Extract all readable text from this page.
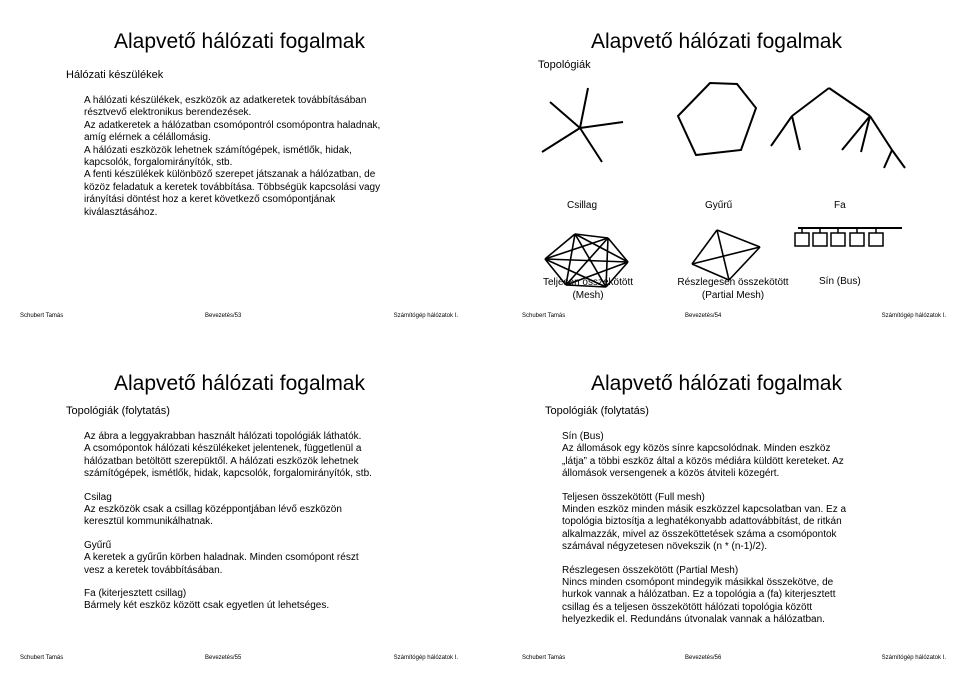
Alapvető hálózati fogalmak
Hálózati készülékek

A hálózati készülékek, eszközök az adatkeretek továbbításában

résztvevő elektronikus berendezések.

Az adatkeretek a hálózatban csomópontról csomópontra haladnak,

amíg elérnek a célállomásig.

A hálózati eszközök lehetnek számítógépek, ismétlők, hidak,

kapcsolók, forgalomirányítók, stb.

A fenti készülékek különböző szerepet játszanak a hálózatban, de

közöz feladatuk a keretek továbbítása. Többségük kapcsolási vagy

irányítási döntést hoz a keret következő csomópontjának

kiválasztásához.

Schubert Tamás	Bevezetés/53	Számítógép hálózatok I.
Alapvető hálózati fogalmak
Topológiák
Csillag	Gyűrű	Fa
Teljesen összekötött
(Mesh)
Részlegesen összekötött
(Partial Mesh)
Sín (Bus)
Schubert Tamás	Bevezetés/54	Számítógép hálózatok I.
Alapvető hálózati fogalmak
Topológiák (folytatás)

Az ábra a leggyakrabban használt hálózati topológiák láthatók.

A csomópontok hálózati készülékeket jelentenek, függetlenül a

hálózatban betöltött szerepüktől. A hálózati eszközök lehetnek

számítógépek, ismétlők, hidak, kapcsolók, forgalomirányítók, stb.

Csilag

Az eszközök csak a csillag középpontjában lévő eszközön

keresztül kommunikálhatnak.

Gyűrű

A keretek a gyűrűn körben haladnak. Minden csomópont részt

vesz a keretek továbbításában.

Fa (kiterjesztett csillag)

Bármely két eszköz között csak egyetlen út lehetséges.

Schubert Tamás	Bevezetés/55	Számítógép hálózatok I.
Alapvető hálózati fogalmak
Topológiák (folytatás)

Sín (Bus)

Az állomások egy közös sínre kapcsolódnak. Minden eszköz

„látja” a többi eszköz által a közös médiára küldött kereteket. Az

állomások versengenek a közös átviteli közegért.

Teljesen összekötött (Full mesh)

Minden eszköz minden másik eszközzel kapcsolatban van. Ez a

topológia biztosítja a leghatékonyabb adattovábbítást, de ritkán

alkalmazzák, mivel az összeköttetések száma a csomópontok

számával négyzetesen növekszik (n * (n-1)/2).

Részlegesen összekötött (Partial Mesh)

Nincs minden csomópont mindegyik másikkal összekötve, de

hurkok vannak a hálózatban. Ez a topológia a (fa) kiterjesztett

csillag és a teljesen összekötött hálózati topológia között

helyezkedik el. Redundáns útvonalak vannak a hálózatban.

Schubert Tamás	Bevezetés/56	Számítógép hálózatok I.
